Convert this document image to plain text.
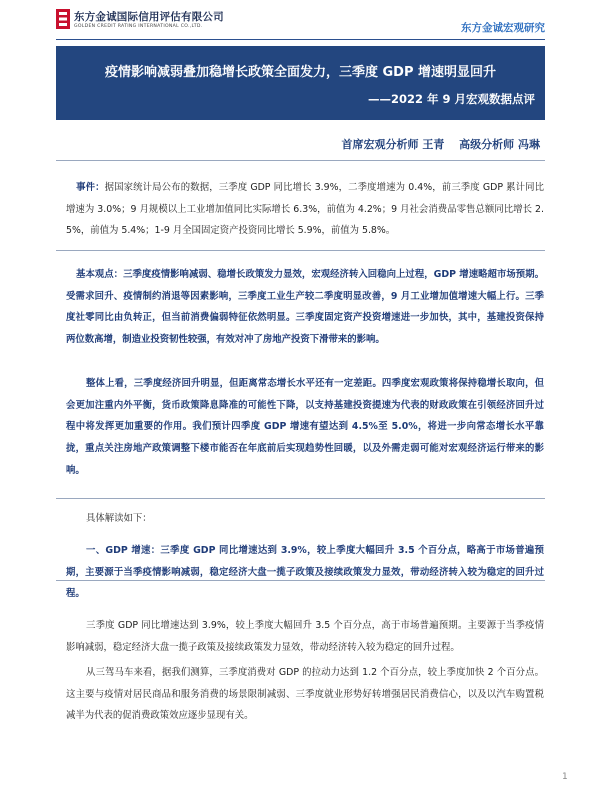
东方金诚国际信用评估有限公司
GOLDEN CREDIT RATING INTERNATIONAL CO.,LTD.	东方金诚宏观研究
疫情影响减弱叠加稳增长政策全面发力，三季度 GDP 增速明显回升
——2022 年 9 月宏观数据点评
首席宏观分析师 王青　 高级分析师 冯琳
事件：据国家统计局公布的数据，三季度 GDP 同比增长 3.9%，二季度增速为 0.4%，前三季度 GDP 累计同比增速为 3.0%；9 月规模以上工业增加值同比实际增长 6.3%，前值为 4.2%；9 月社会消费品零售总额同比增长 2.5%，前值为 5.4%；1-9 月全国固定资产投资同比增长 5.9%，前值为 5.8%。
基本观点：三季度疫情影响减弱、稳增长政策发力显效，宏观经济转入回稳向上过程，GDP 增速略超市场预期。受需求回升、疫情制约消退等因素影响，三季度工业生产较二季度明显改善，9 月工业增加值增速大幅上行。三季度社零同比由负转正，但当前消费偏弱特征依然明显。三季度固定资产投资增速进一步加快，其中，基建投资保持两位数高增，制造业投资韧性较强，有效对冲了房地产投资下滑带来的影响。
整体上看，三季度经济回升明显，但距离常态增长水平还有一定差距。四季度宏观政策将保持稳增长取向，但会更加注重内外平衡，货币政策降息降准的可能性下降，以支持基建投资提速为代表的财政政策在引领经济回升过程中将发挥更加重要的作用。我们预计四季度 GDP 增速有望达到 4.5%至 5.0%，将进一步向常态增长水平靠拢，重点关注房地产政策调整下楼市能否在年底前后实现趋势性回暖，以及外需走弱可能对宏观经济运行带来的影响。
具体解读如下：
一、GDP 增速：三季度 GDP 同比增速达到 3.9%，较上季度大幅回升 3.5 个百分点，略高于市场普遍预期，主要源于当季疫情影响减弱，稳定经济大盘一揽子政策及接续政策发力显效，带动经济转入较为稳定的回升过程。
三季度 GDP 同比增速达到 3.9%，较上季度大幅回升 3.5 个百分点，高于市场普遍预期。主要源于当季疫情影响减弱，稳定经济大盘一揽子政策及接续政策发力显效，带动经济转入较为稳定的回升过程。
从三驾马车来看，据我们测算，三季度消费对 GDP 的拉动力达到 1.2 个百分点，较上季度加快 2 个百分点。这主要与疫情对居民商品和服务消费的场景限制减弱、三季度就业形势好转增强居民消费信心，以及以汽车购置税减半为代表的促消费政策效应逐步显现有关。
1
